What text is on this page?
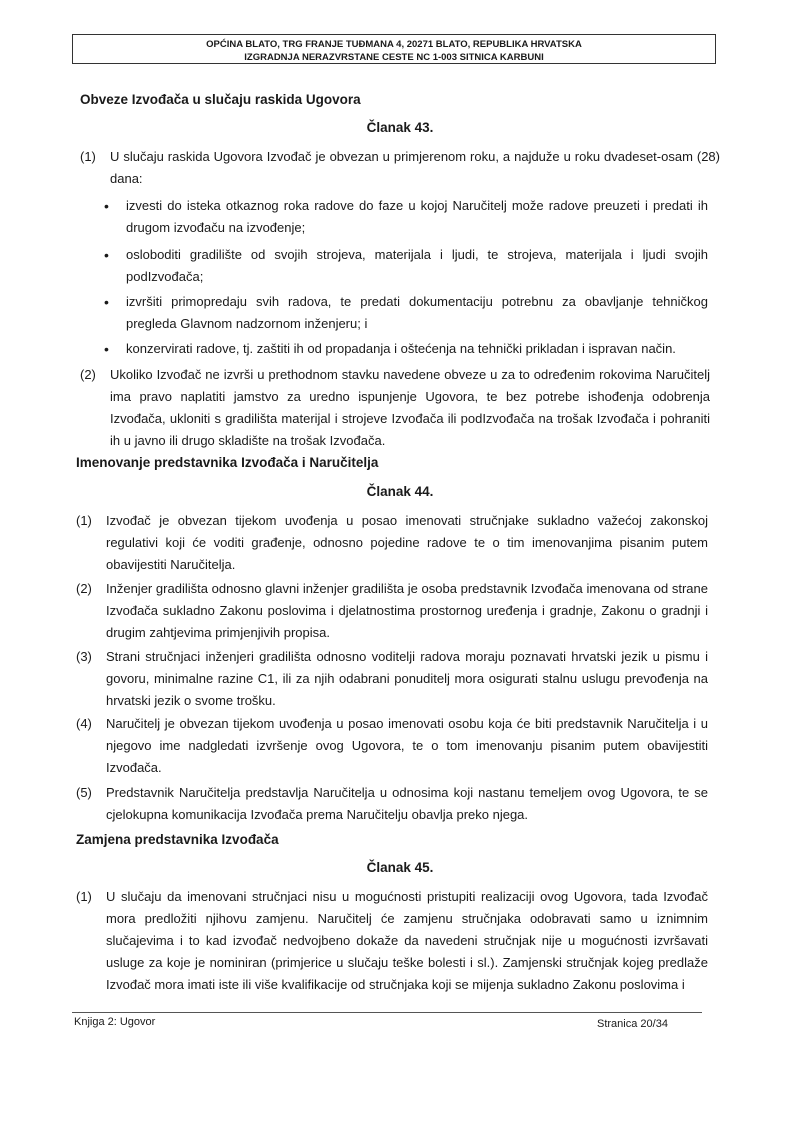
OPĆINA BLATO, TRG FRANJE TUĐMANA 4, 20271 BLATO, REPUBLIKA HRVATSKA
IZGRADNJA NERAZVRSTANE CESTE NC 1-003 SITNICA KARBUNI
Obveze Izvođača u slučaju raskida Ugovora
Članak 43.
(1) U slučaju raskida Ugovora Izvođač je obvezan u primjerenom roku, a najduže u roku dvadeset-osam (28) dana:
• izvesti do isteka otkaznog roka radove do faze u kojoj Naručitelj može radove preuzeti i predati ih drugom izvođaču na izvođenje;
• osloboditi gradilište od svojih strojeva, materijala i ljudi, te strojeva, materijala i ljudi svojih podIzvođača;
• izvršiti primopredaju svih radova, te predati dokumentaciju potrebnu za obavljanje tehničkog pregleda Glavnom nadzornom inženjeru; i
• konzervirati radove, tj. zaštiti ih od propadanja i oštećenja na tehnički prikladan i ispravan način.
(2) Ukoliko Izvođač ne izvrši u prethodnom stavku navedene obveze u za to određenim rokovima Naručitelj ima pravo naplatiti jamstvo za uredno ispunjenje Ugovora, te bez potrebe ishođenja odobrenja Izvođača, ukloniti s gradilišta materijal i strojeve Izvođača ili podIzvođača na trošak Izvođača i pohraniti ih u javno ili drugo skladište na trošak Izvođača.
Imenovanje predstavnika Izvođača i Naručitelja
Članak 44.
(1) Izvođač je obvezan tijekom uvođenja u posao imenovati stručnjake sukladno važećoj zakonskoj regulativi koji će voditi građenje, odnosno pojedine radove te o tim imenovanjima pisanim putem obavijestiti Naručitelja.
(2) Inženjer gradilišta odnosno glavni inženjer gradilišta je osoba predstavnik Izvođača imenovana od strane Izvođača sukladno Zakonu poslovima i djelatnostima prostornog uređenja i gradnje, Zakonu o gradnji i drugim zahtjevima primjenjivih propisa.
(3) Strani stručnjaci inženjeri gradilišta odnosno voditelji radova moraju poznavati hrvatski jezik u pismu i govoru, minimalne razine C1, ili za njih odabrani ponuditelj mora osigurati stalnu uslugu prevođenja na hrvatski jezik o svome trošku.
(4) Naručitelj je obvezan tijekom uvođenja u posao imenovati osobu koja će biti predstavnik Naručitelja i u njegovo ime nadgledati izvršenje ovog Ugovora, te o tom imenovanju pisanim putem obavijestiti Izvođača.
(5) Predstavnik Naručitelja predstavlja Naručitelja u odnosima koji nastanu temeljem ovog Ugovora, te se cjelokupna komunikacija Izvođača prema Naručitelju obavlja preko njega.
Zamjena predstavnika Izvođača
Članak 45.
(1) U slučaju da imenovani stručnjaci nisu u mogućnosti pristupiti realizaciji ovog Ugovora, tada Izvođač mora predložiti njihovu zamjenu. Naručitelj će zamjenu stručnjaka odobravati samo u iznimnim slučajevima i to kad izvođač nedvojbeno dokaže da navedeni stručnjak nije u mogućnosti izvršavati usluge za koje je nominiran (primjerice u slučaju teške bolesti i sl.). Zamjenski stručnjak kojeg predlaže Izvođač mora imati iste ili više kvalifikacije od stručnjaka koji se mijenja sukladno Zakonu poslovima i
Knjiga 2: Ugovor	Stranica 20/34
